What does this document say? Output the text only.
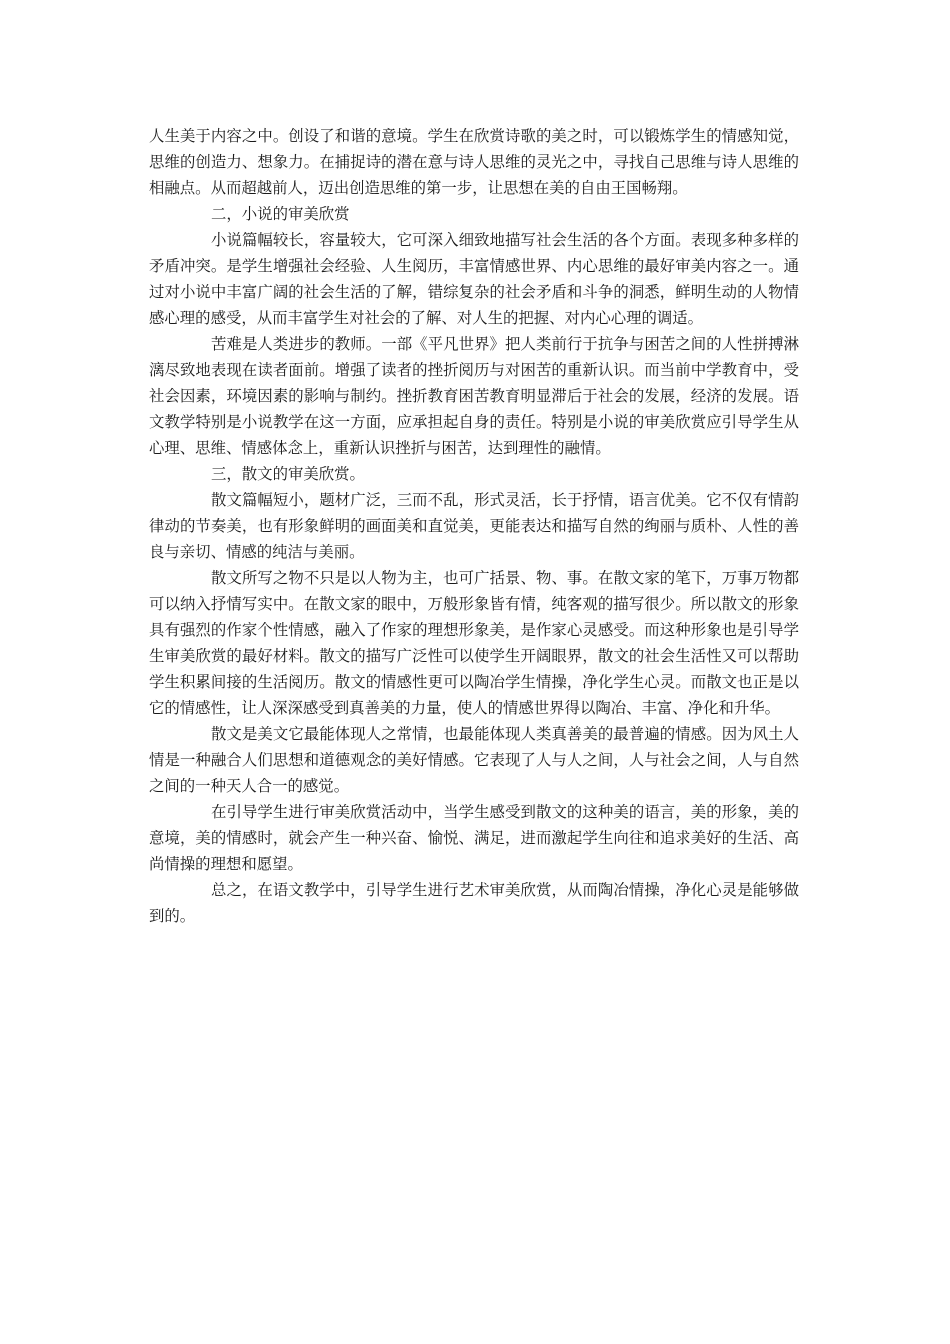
人生美于内容之中。创设了和谐的意境。学生在欣赏诗歌的美之时，可以锻炼学生的情感知觉，思维的创造力、想象力。在捕捉诗的潜在意与诗人思维的灵光之中，寻找自己思维与诗人思维的相融点。从而超越前人，迈出创造思维的第一步，让思想在美的自由王国畅翔。

二，小说的审美欣赏

小说篇幅较长，容量较大，它可深入细致地描写社会生活的各个方面。表现多种多样的矛盾冲突。是学生增强社会经验、人生阅历，丰富情感世界、内心思维的最好审美内容之一。通过对小说中丰富广阔的社会生活的了解，错综复杂的社会矛盾和斗争的洞悉，鲜明生动的人物情感心理的感受，从而丰富学生对社会的了解、对人生的把握、对内心心理的调适。

苦难是人类进步的教师。一部《平凡世界》把人类前行于抗争与困苦之间的人性拼搏淋漓尽致地表现在读者面前。增强了读者的挫折阅历与对困苦的重新认识。而当前中学教育中，受社会因素，环境因素的影响与制约。挫折教育困苦教育明显滞后于社会的发展，经济的发展。语文教学特别是小说教学在这一方面，应承担起自身的责任。特别是小说的审美欣赏应引导学生从心理、思维、情感体念上，重新认识挫折与困苦，达到理性的融情。

三，散文的审美欣赏。

散文篇幅短小，题材广泛，三而不乱，形式灵活，长于抒情，语言优美。它不仅有情韵律动的节奏美，也有形象鲜明的画面美和直觉美，更能表达和描写自然的绚丽与质朴、人性的善良与亲切、情感的纯洁与美丽。

散文所写之物不只是以人物为主，也可广括景、物、事。在散文家的笔下，万事万物都可以纳入抒情写实中。在散文家的眼中，万般形象皆有情，纯客观的描写很少。所以散文的形象具有强烈的作家个性情感，融入了作家的理想形象美，是作家心灵感受。而这种形象也是引导学生审美欣赏的最好材料。散文的描写广泛性可以使学生开阔眼界，散文的社会生活性又可以帮助学生积累间接的生活阅历。散文的情感性更可以陶冶学生情操，净化学生心灵。而散文也正是以它的情感性，让人深深感受到真善美的力量，使人的情感世界得以陶冶、丰富、净化和升华。

散文是美文它最能体现人之常情，也最能体现人类真善美的最普遍的情感。因为风土人情是一种融合人们思想和道德观念的美好情感。它表现了人与人之间，人与社会之间，人与自然之间的一种天人合一的感觉。

在引导学生进行审美欣赏活动中，当学生感受到散文的这种美的语言，美的形象，美的意境，美的情感时，就会产生一种兴奋、愉悦、满足，进而激起学生向往和追求美好的生活、高尚情操的理想和愿望。

总之，在语文教学中，引导学生进行艺术审美欣赏，从而陶冶情操，净化心灵是能够做到的。
